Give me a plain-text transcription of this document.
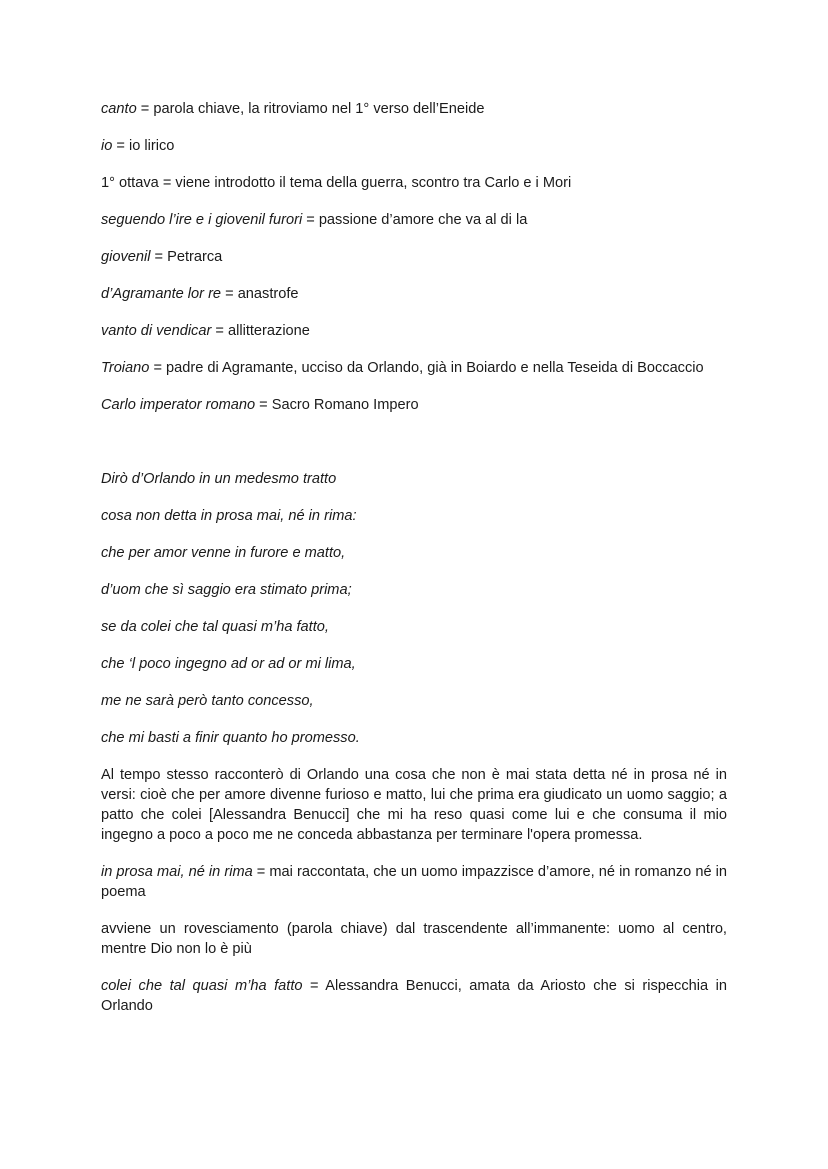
canto = parola chiave, la ritroviamo nel 1° verso dell’Eneide

io = io lirico

1° ottava = viene introdotto il tema della guerra, scontro tra Carlo e i Mori

seguendo l’ire e i giovenil furori = passione d’amore che va al di la

giovenil = Petrarca

d’Agramante lor re = anastrofe

vanto di vendicar = allitterazione

Troiano = padre di Agramante, ucciso da Orlando, già in Boiardo e nella Teseida di Boccaccio

Carlo imperator romano = Sacro Romano Impero

Dirò d’Orlando in un medesmo tratto

cosa non detta in prosa mai, né in rima:

che per amor venne in furore e matto,

d’uom che sì saggio era stimato prima;

se da colei che tal quasi m’ha fatto,

che ‘l poco ingegno ad or ad or mi lima,

me ne sarà però tanto concesso,

che mi basti a finir quanto ho promesso.

Al tempo stesso racconterò di Orlando una cosa che non è mai stata detta né in prosa né in versi: cioè che per amore divenne furioso e matto, lui che prima era giudicato un uomo saggio; a patto che colei [Alessandra Benucci] che mi ha reso quasi come lui e che consuma il mio ingegno a poco a poco me ne conceda abbastanza per terminare l'opera promessa.

in prosa mai, né in rima = mai raccontata, che un uomo impazzisce d’amore, né in romanzo né in poema

avviene un rovesciamento (parola chiave) dal trascendente all’immanente: uomo al centro, mentre Dio non lo è più

colei che tal quasi m’ha fatto = Alessandra Benucci, amata da Ariosto che si rispecchia in Orlando
